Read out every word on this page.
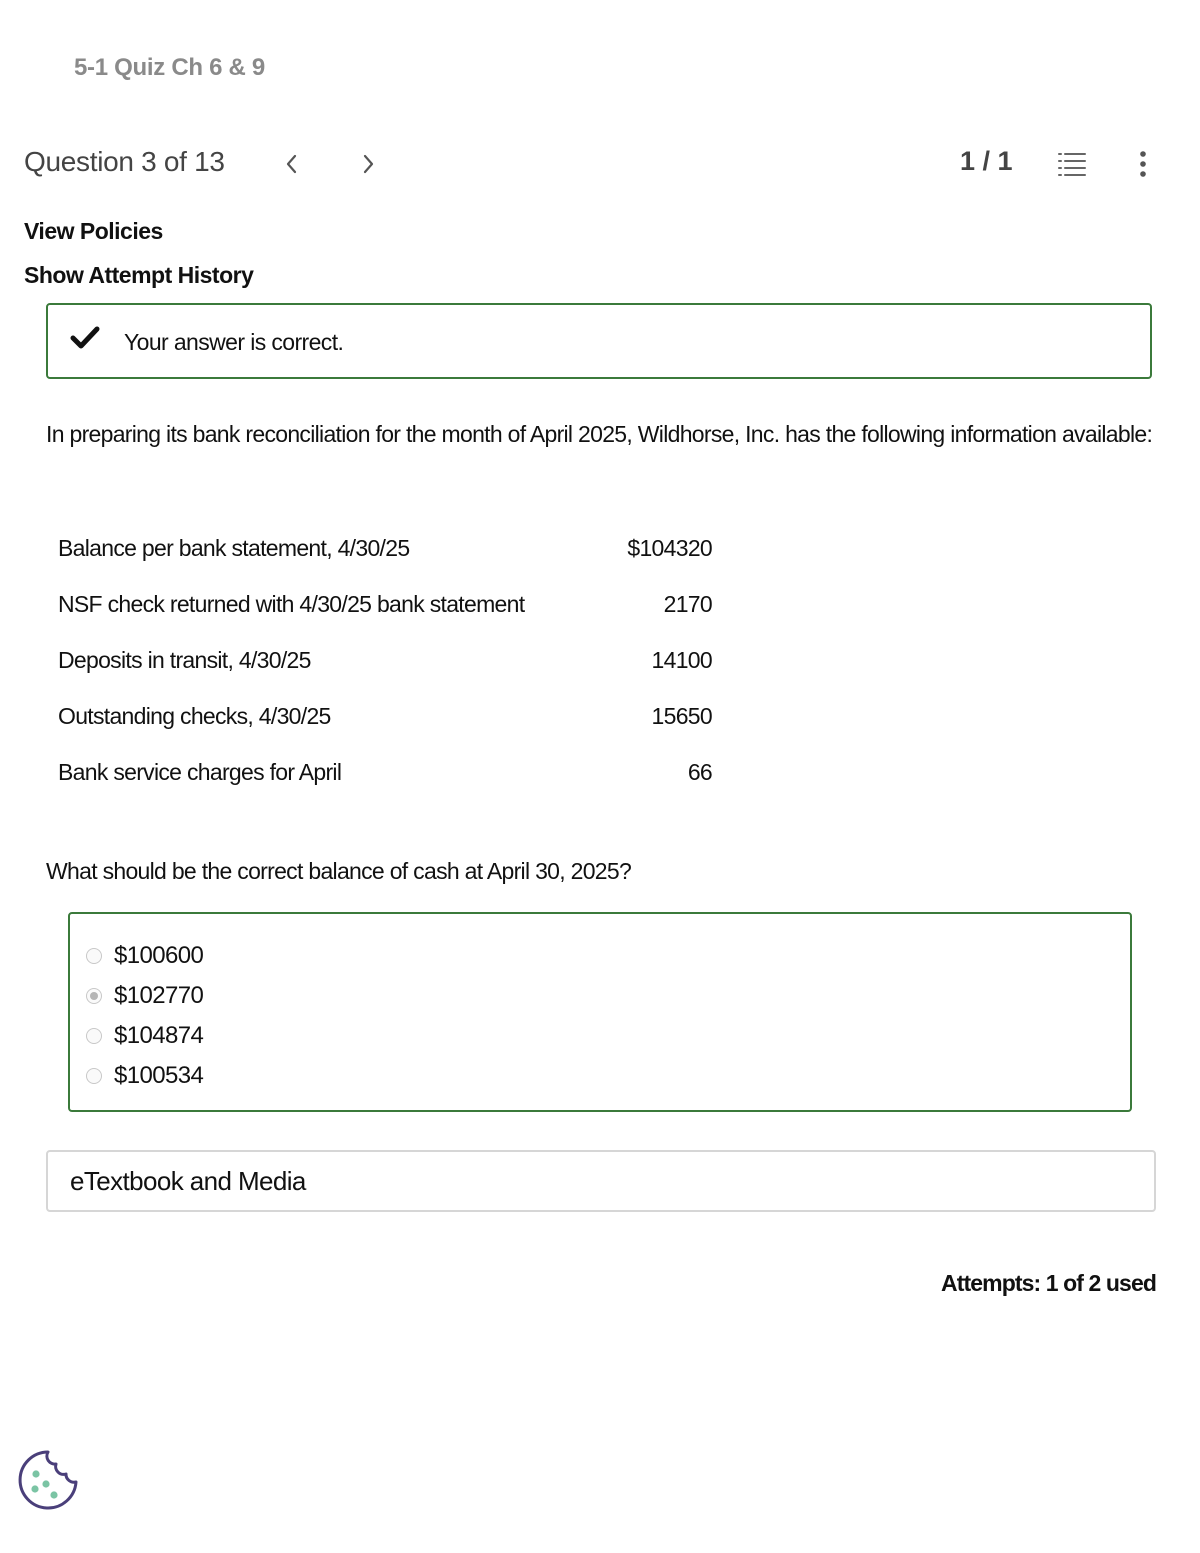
5-1 Quiz Ch 6 & 9
Question 3 of 13	1 / 1
View Policies
Show Attempt History
Your answer is correct.
In preparing its bank reconciliation for the month of April 2025, Wildhorse, Inc. has the following information available:
Balance per bank statement, 4/30/25	$104320
NSF check returned with 4/30/25 bank statement	2170
Deposits in transit, 4/30/25	14100
Outstanding checks, 4/30/25	15650
Bank service charges for April	66
What should be the correct balance of cash at April 30, 2025?
$100600
$102770
$104874
$100534
eTextbook and Media
Attempts: 1 of 2 used
